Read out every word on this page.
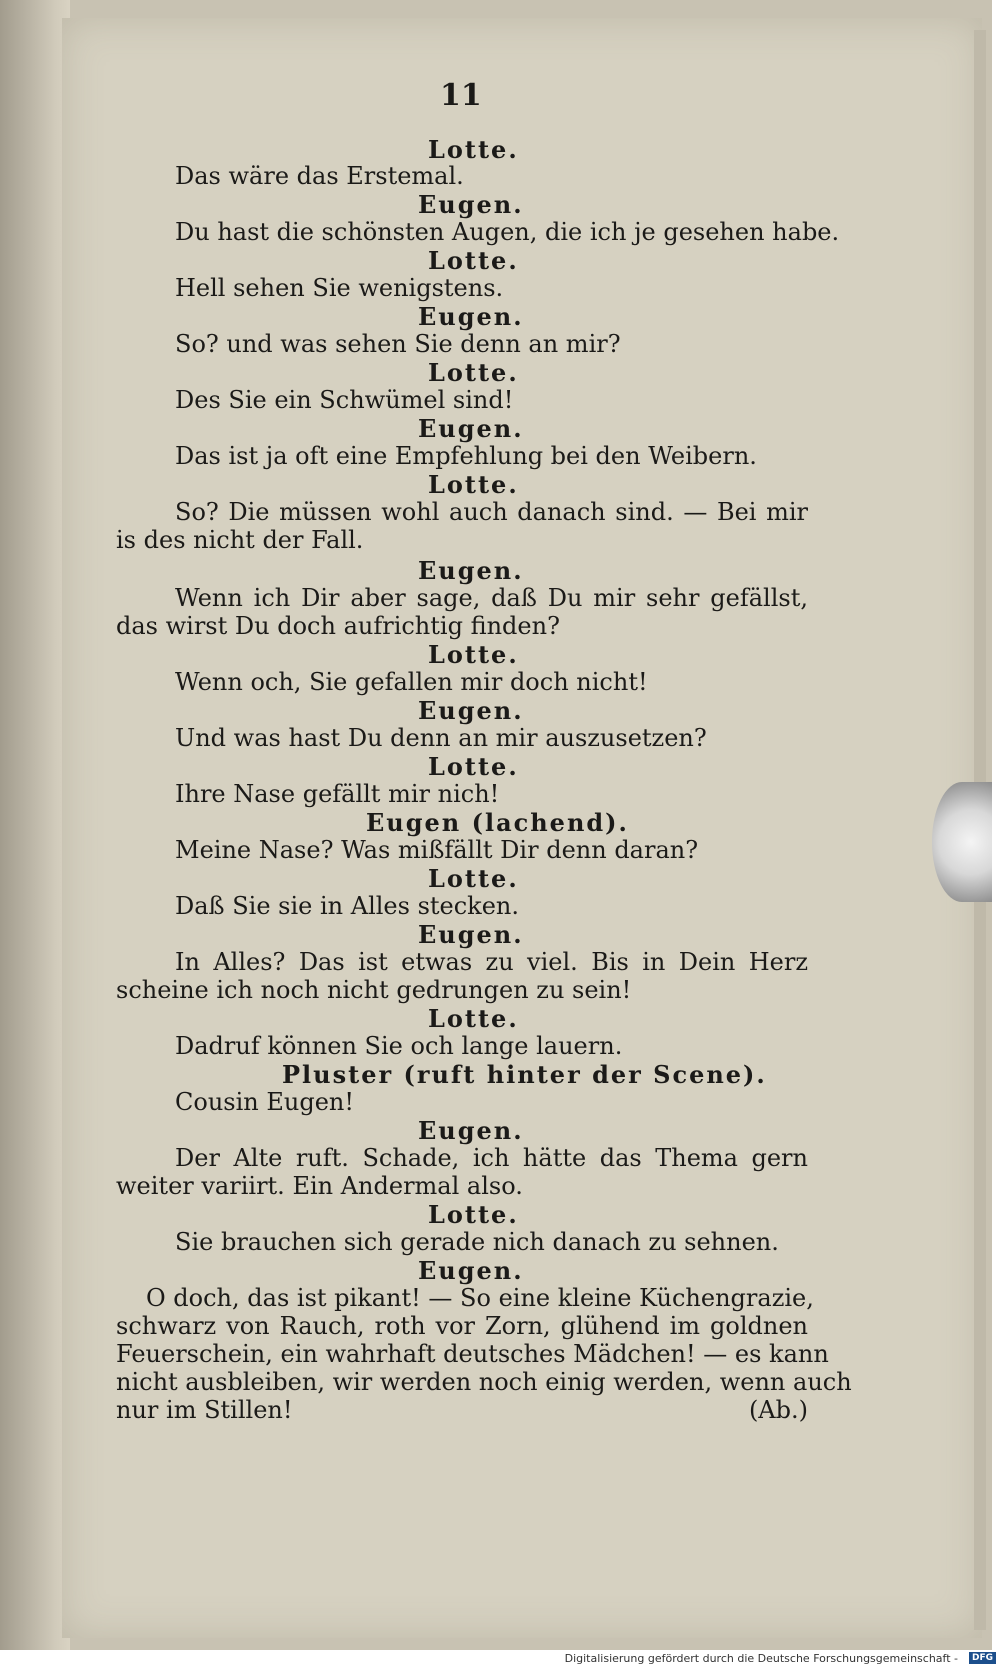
11
Lotte.
Das wäre das Erstemal.
Eugen.
Du hast die schönsten Augen, die ich je gesehen habe.
Lotte.
Hell sehen Sie wenigstens.
Eugen.
So? und was sehen Sie denn an mir?
Lotte.
Des Sie ein Schwümel sind!
Eugen.
Das ist ja oft eine Empfehlung bei den Weibern.
Lotte.
So? Die müssen wohl auch danach sind. — Bei mir
is des nicht der Fall.
Eugen.
Wenn ich Dir aber sage, daß Du mir sehr gefällst,
das wirst Du doch aufrichtig finden?
Lotte.
Wenn och, Sie gefallen mir doch nicht!
Eugen.
Und was hast Du denn an mir auszusetzen?
Lotte.
Ihre Nase gefällt mir nich!
Eugen (lachend).
Meine Nase? Was mißfällt Dir denn daran?
Lotte.
Daß Sie sie in Alles stecken.
Eugen.
In Alles? Das ist etwas zu viel. Bis in Dein Herz
scheine ich noch nicht gedrungen zu sein!
Lotte.
Dadruf können Sie och lange lauern.
Pluster (ruft hinter der Scene).
Cousin Eugen!
Eugen.
Der Alte ruft. Schade, ich hätte das Thema gern
weiter variirt. Ein Andermal also.
Lotte.
Sie brauchen sich gerade nich danach zu sehnen.
Eugen.
O doch, das ist pikant! — So eine kleine Küchengrazie,
schwarz von Rauch, roth vor Zorn, glühend im goldnen
Feuerschein, ein wahrhaft deutsches Mädchen! — es kann
nicht ausbleiben, wir werden noch einig werden, wenn auch
nur im Stillen!	(Ab.)
Digitalisierung gefördert durch die Deutsche Forschungsgemeinschaft -	DFG
